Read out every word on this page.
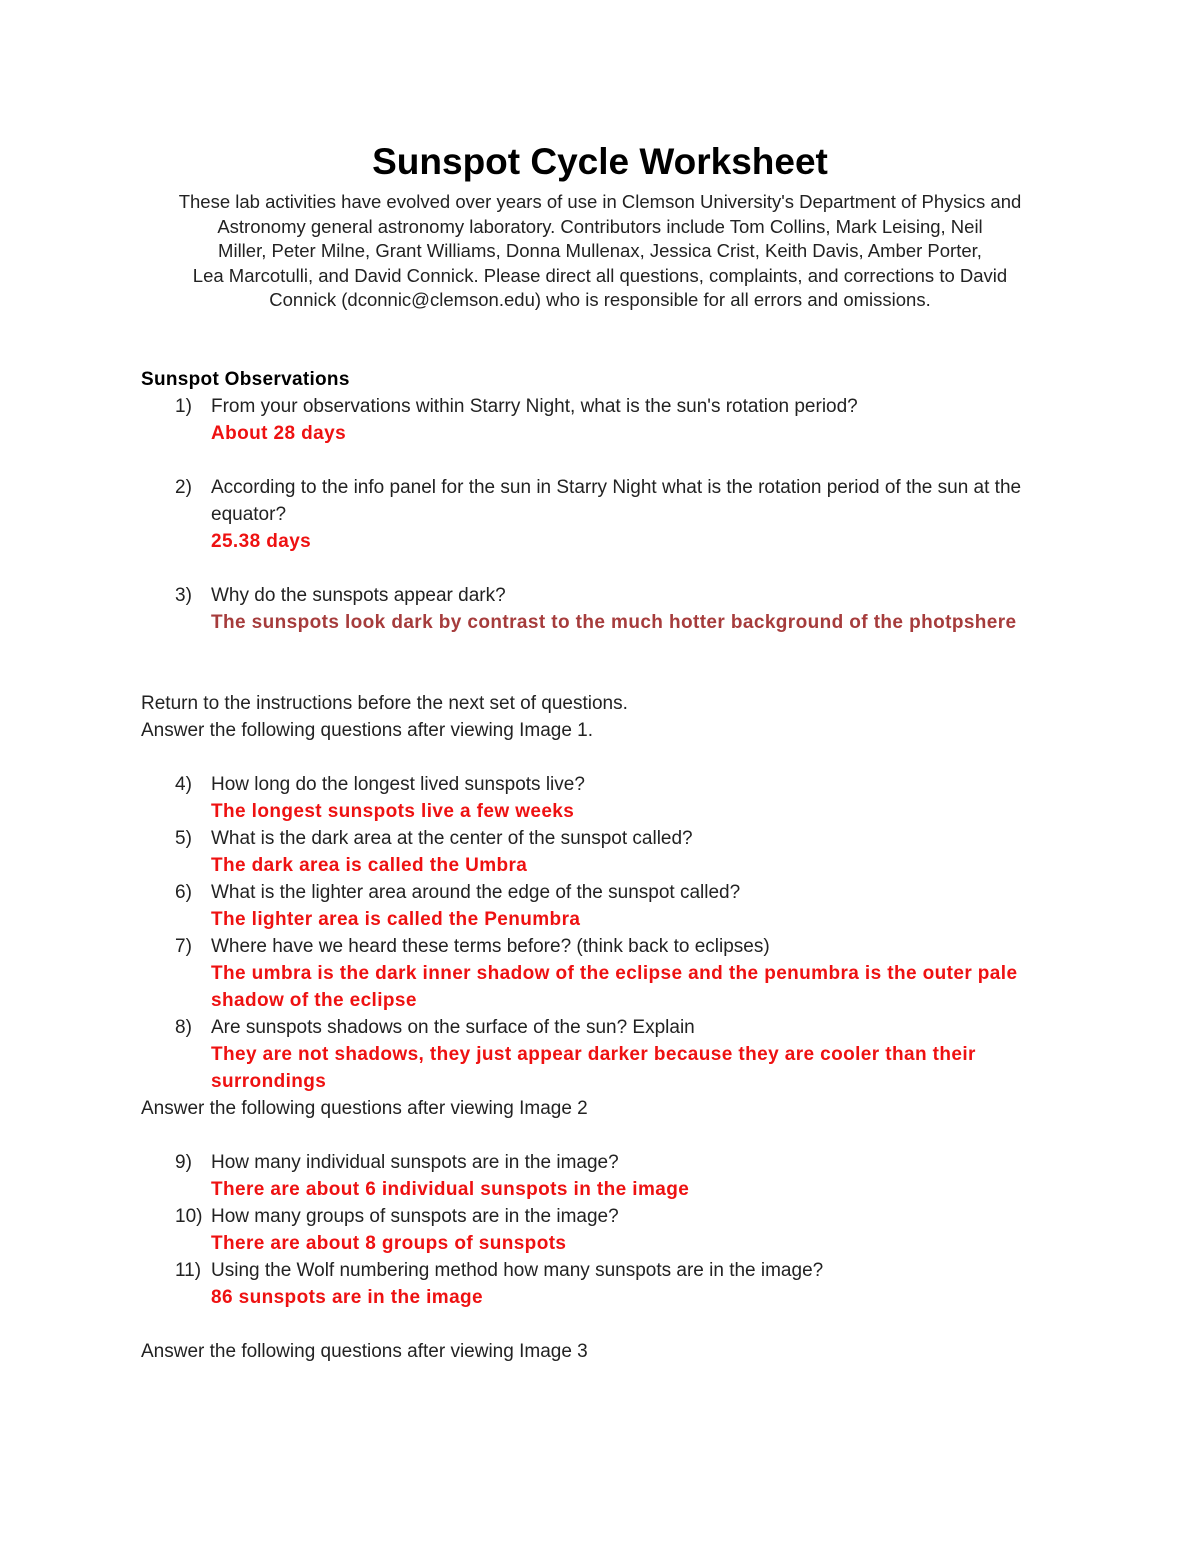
Sunspot Cycle Worksheet
These lab activities have evolved over years of use in Clemson University's Department of Physics and
Astronomy general astronomy laboratory. Contributors include Tom Collins, Mark Leising, Neil
Miller, Peter Milne, Grant Williams, Donna Mullenax, Jessica Crist, Keith Davis, Amber Porter,
Lea Marcotulli, and David Connick. Please direct all questions, complaints, and corrections to David
Connick (dconnic@clemson.edu) who is responsible for all errors and omissions.
Sunspot Observations
1)	From your observations within Starry Night, what is the sun's rotation period?
About 28 days
2)	According to the info panel for the sun in Starry Night what is the rotation period of the sun at the equator?
25.38 days
3)	Why do the sunspots appear dark?
The sunspots look dark by contrast to the much hotter background of the photpshere
Return to the instructions before the next set of questions.
Answer the following questions after viewing Image 1.
4)	How long do the longest lived sunspots live?
The longest sunspots live a few weeks
5)	What is the dark area at the center of the sunspot called?
The dark area is called the Umbra
6)	What is the lighter area around the edge of the sunspot called?
The lighter area is called the Penumbra
7)	Where have we heard these terms before? (think back to eclipses)
The umbra is the dark inner shadow of the eclipse and the penumbra is the outer pale shadow of the eclipse
8)	Are sunspots shadows on the surface of the sun? Explain
They are not shadows, they just appear darker because they are cooler than their surrondings
Answer the following questions after viewing Image 2
9)	How many individual sunspots are in the image?
There are about 6 individual sunspots in the image
10) How many groups of sunspots are in the image?
There are about 8 groups of sunspots
11) Using the Wolf numbering method how many sunspots are in the image?
86 sunspots are in the image
Answer the following questions after viewing Image 3
